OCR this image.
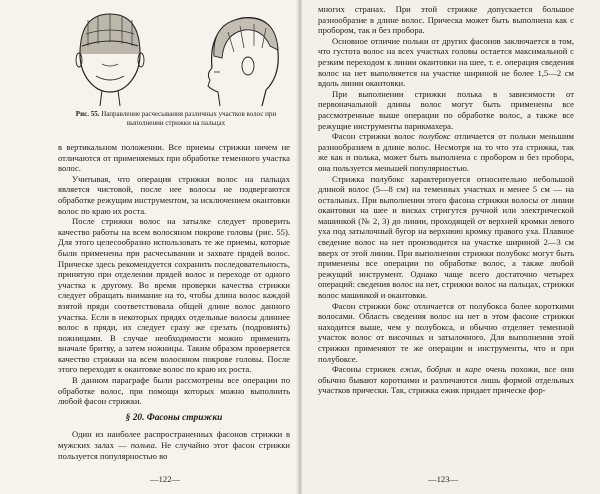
Рис. 55. Направление расчесывания различных участков волос при выполнении стрижки на пальцах

в вертикальном положении. Все приемы стрижки ничем не отличаются от применяемых при обработке теменного участка волос.

Учитывая, что операция стрижки волос на пальцах является чистовой, после нее волосы не подвергаются обработке режущим инструментом, за исключением окантовки волос по краю их роста.

После стрижки волос на затылке следует проверить качество работы на всем волосяном покрове головы (рис. 55). Для этого целесообразно использовать те же приемы, которые были применены при расчесывании и захвате прядей волос. Прическе здесь рекомендуется сохранить последовательность, принятую при отделении прядей волос и переходе от одного участка к другому. Во время проверки качества стрижки следует обращать внимание на то, чтобы длина волос каждой взятой пряди соответствовала общей длине волос данного участка. Если в некоторых прядях отдельные волосы длиннее волос в пряди, их следует сразу же срезать (подровнять) ножницами. В случае необходимости можно применить вначале бритву, а затем ножницы. Таким образом проверяется качество стрижки на всем волосяном покрове головы. После этого переходят к окантовке волос по краю их роста.

В данном параграфе были рассмотрены все операции по обработке волос, при помощи которых можно выполнить любой фасон стрижки.

§ 20. Фасоны стрижки

Один из наиболее распространенных фасонов стрижки в мужских залах — полька. Не случайно этот фасон стрижки пользуется популярностью во

—122—

многих странах. При этой стрижке допускается большое разнообразие в длине волос. Прическа может быть выполнена как с пробором, так и без пробора.

Основное отличие польки от других фасонов заключается в том, что густота волос на всех участках головы остается максимальной с резким переходом к линии окантовки на шее, т. е. операция сведения волос на нет выполняется на участке шириной не более 1,5—2 см вдоль линии окантовки.

При выполнении стрижки полька в зависимости от первоначальной длины волос могут быть применены все рассмотренные выше операции по обработке волос, а также все режущие инструменты парикмахера.

Фасон стрижки волос полубокс отличается от польки меньшим разнообразием в длине волос. Несмотря на то что эта стрижка, так же как и полька, может быть выполнена с пробором и без пробора, она пользуется меньшей популярностью.

Стрижка полубокс характеризуется относительно небольшой длиной волос (5—8 см) на теменных участках и менее 5 см — на остальных. При выполнении этого фасона стрижки волосы от линии окантовки на шее и висках стригутся ручной или электрической машинкой (№ 2, 3) до линии, проходящей от верхней кромки левого уха под затылочный бугор на верхнюю кромку правого уха. Плавное сведение волос на нет производится на участке шириной 2—3 см вверх от этой линии. При выполнении стрижки полубокс могут быть применены все операции по обработке волос, а также любой режущий инструмент. Однако чаще всего достаточно четырех операций: сведения волос на нет, стрижки волос на пальцах, стрижки волос машинкой и окантовки.

Фасон стрижки бокс отличается от полубокса более короткими волосами. Область сведения волос на нет в этом фасоне стрижки находится выше, чем у полубокса, и обычно отделяет теменной участок волос от височных и затылочного. Для выполнения этой стрижки применяют те же операции и инструменты, что и при полубоксе.

Фасоны стрижек ежик, бобрик и каре очень похожи, все они обычно бывают короткими и различаются лишь формой отдельных участков прически. Так, стрижка ежик придает прическе фор-

—123—
